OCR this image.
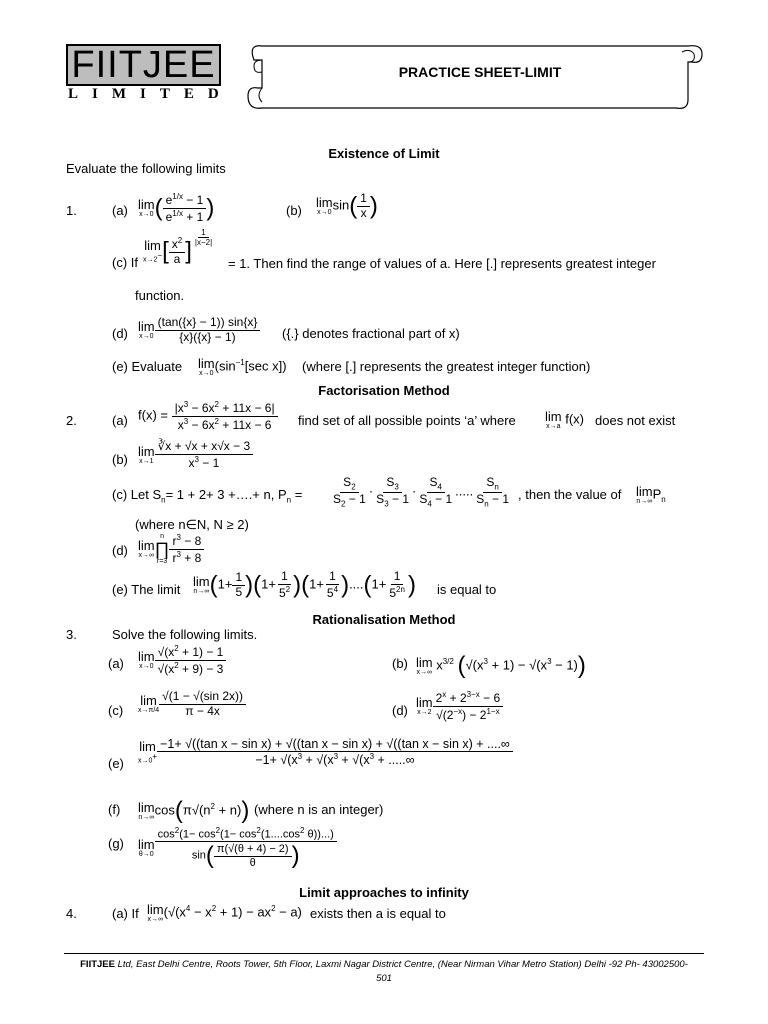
FIITJEE
LIMITED
PRACTICE SHEET-LIMIT
Existence of Limit
Evaluate the following limits
1.	(a) lim
x→0 ( $\frac{e^{1/x} - 1}{e^{1/x} + 1}$ )	(b)
lim
x→0
$\sin( \frac{1}{x}$ )
(c) If
lim
x→2− [ $\frac{x^2}{a}$ ] $^{\frac{1}{|x-2|}}$
= 1. Then find the range of values of a. Here [.] represents greatest integer
function.
(d) lim
$x\to 0 \frac{(\tan(\{x\} - 1)) \sin\{x\}}{\{x\}(\{x\} - 1)}$ ({.} denotes fractional part of x)
(e) Evaluate lim
x→0
($\sin^{-1}[\sec$ x]) (where [.] represents the greatest integer function)
Factorisation Method
2.	(a) $f(x) = \frac{|x^3 - 6x^2 + 11x - 6|}{x^3 - 6x^2 + 11x - 6}$ find set of all possible points ‘a’ where lim
x→a
f(x) does not exist
(b)
lim
$x\to 1 \frac{∛x + √x + x√x - 3}{x^3 - 1}$
(c) Let $S_n= 1 + 2+ 3$ +….+ n, $P_n = \frac{S_2}{S_2 - 1} \cdot \frac{S_3}{S_3 - 1} \cdot \frac{S_4}{S_4 - 1}$ ..... $\frac{S_n}{S_n - 1}$ , then the value of lim
n→∞
$P_n$
(where n∈N, N ≥ 2)
(d) lim
x→∞
n
∏
$r=3 \frac{r^3 - 8}{r^3 + 8}$
(e) The limit
lim
n→∞ $(1+ \frac{1}{5} )(1+ \frac{1}{5^2} )(1+ \frac{1}{5^4} )....(1+ \frac{1}{5^{2n}}$ ) is equal to
Rationalisation Method
3.	Solve the following limits.
(a) lim
$x\to 0 \frac{√(x^2 + 1) - 1}{√(x^2 + 9) - 3}$	(b) lim
x→∞
$x^{3/2}$ $(√(x^3 + 1) - √(x^3 - 1))$
(c)
lim
$x\to\pi/4 \frac{√(1 - √(\sin 2x))}{\pi - 4x}$	(d)
lim
$x\to 2 \frac{2^x + 2^{3-x} - 6}{√(2^{-x}) - 2^{1-x}}$
(e)
lim
x→0+
−1+ √((tan x − sin x) + √((tan x − sin x) + √((tan x − sin x) + ....∞
$-1+ √(x^3 + √(x^3 + √(x^3$ + .....∞
(f) lim
n→∞
$\cos(\pi√(n^2 + n))$ (where n is an integer)
(g) lim
$\theta\to 0 \frac{\cos^2(1- \cos^2(1- \cos^2(1....\cos^2 \theta))...)}{\sin( \frac{\pi(√(\theta + 4) - 2)}{\theta} )}$
Limit approaches to infinity
4.	(a) If lim
x→∞
$(√(x^4 - x^2 + 1) - ax^2 - a)$ exists then a is equal to
FIITJEE Ltd, East Delhi Centre, Roots Tower, 5th Floor, Laxmi Nagar District Centre, (Near Nirman Vihar Metro Station) Delhi -92 Ph- 43002500-
501
